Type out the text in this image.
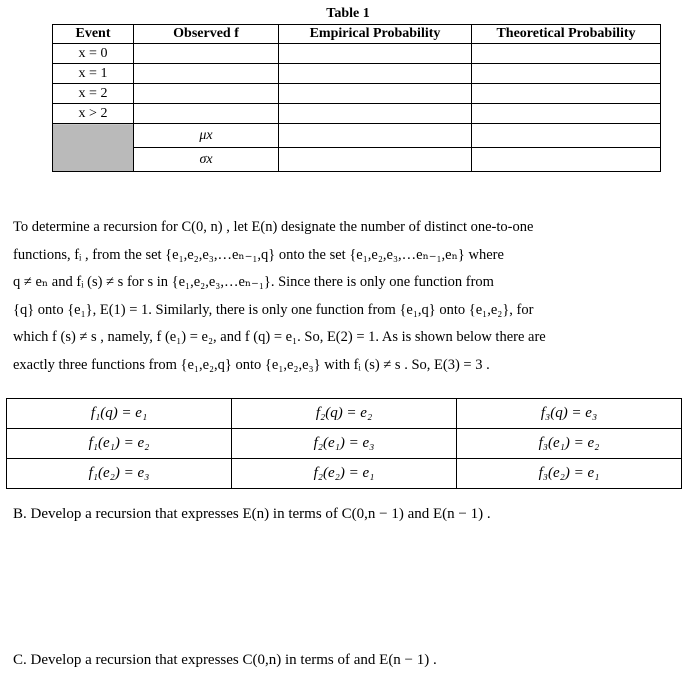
Table 1
Event	Observed f	Empirical Probability	Theoretical Probability
x = 0			
x = 1			
x = 2			
x > 2			
	μx		
	σx		
To determine a recursion for C(0, n) , let E(n) designate the number of distinct one-to-one
functions, fᵢ , from the set {e₁,e₂,e₃,…eₙ₋₁,q} onto the set {e₁,e₂,e₃,…eₙ₋₁,eₙ} where
q ≠ eₙ and fᵢ (s) ≠ s for s in {e₁,e₂,e₃,…eₙ₋₁}. Since there is only one function from
{q} onto {e₁}, E(1) = 1. Similarly, there is only one function from {e₁,q} onto {e₁,e₂}, for
which f (s) ≠ s , namely, f (e₁) = e₂, and f (q) = e₁. So, E(2) = 1. As is shown below there are
exactly three functions from {e₁,e₂,q} onto {e₁,e₂,e₃} with fᵢ (s) ≠ s . So, E(3) = 3 .
f₁(q) = e₁	f₂(q) = e₂	f₃(q) = e₃
f₁(e₁) = e₂	f₂(e₁) = e₃	f₃(e₁) = e₂
f₁(e₂) = e₃	f₂(e₂) = e₁	f₃(e₂) = e₁
B. Develop a recursion that expresses E(n) in terms of C(0,n − 1) and E(n − 1) .
C. Develop a recursion that expresses C(0,n) in terms of and E(n − 1) .
